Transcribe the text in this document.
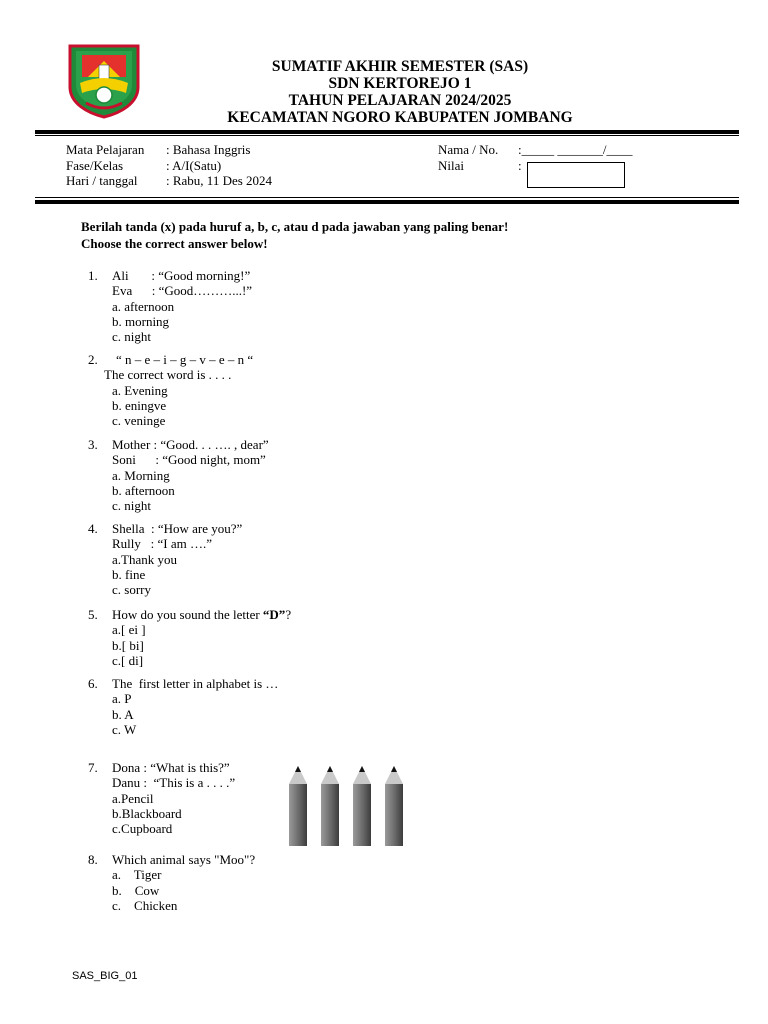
SUMATIF AKHIR SEMESTER (SAS)
SDN KERTOREJO 1
TAHUN PELAJARAN 2024/2025
KECAMATAN NGORO KABUPATEN JOMBANG
Mata Pelajaran : Bahasa Inggris
Fase/Kelas	: A/I(Satu)
Hari / tanggal : Rabu, 11 Des 2024
Nama / No. :_____ _______/____
Nilai	:
Berilah tanda (x) pada huruf a, b, c, atau d pada jawaban yang paling benar!
Choose the correct answer below!
1.	Ali       : “Good morning!”
Eva      : “Good………...!”
a. afternoon
b. morning
c. night
2.	“ n – e – i – g – v – e – n “
The correct word is . . . .
a. Evening
b. eningve
c. veninge
3.	Mother : “Good. . . …. , dear”
Soni      : “Good night, mom”
a. Morning
b. afternoon
c. night
4.	Shella  : “How are you?”
Rully   : “I am ….”
a.Thank you
b. fine
c. sorry
5.	How do you sound the letter “D”?
a.[ ei ]
b.[ bi]
c.[ di]
6.	The  first letter in alphabet is …
a. P
b. A
c. W
7.	Dona : “What is this?”
Danu :  “This is a . . . .”
a.Pencil
b.Blackboard
c.Cupboard
8.	Which animal says "Moo"?
a.    Tiger
b.    Cow
c.    Chicken
SAS_BIG_01
